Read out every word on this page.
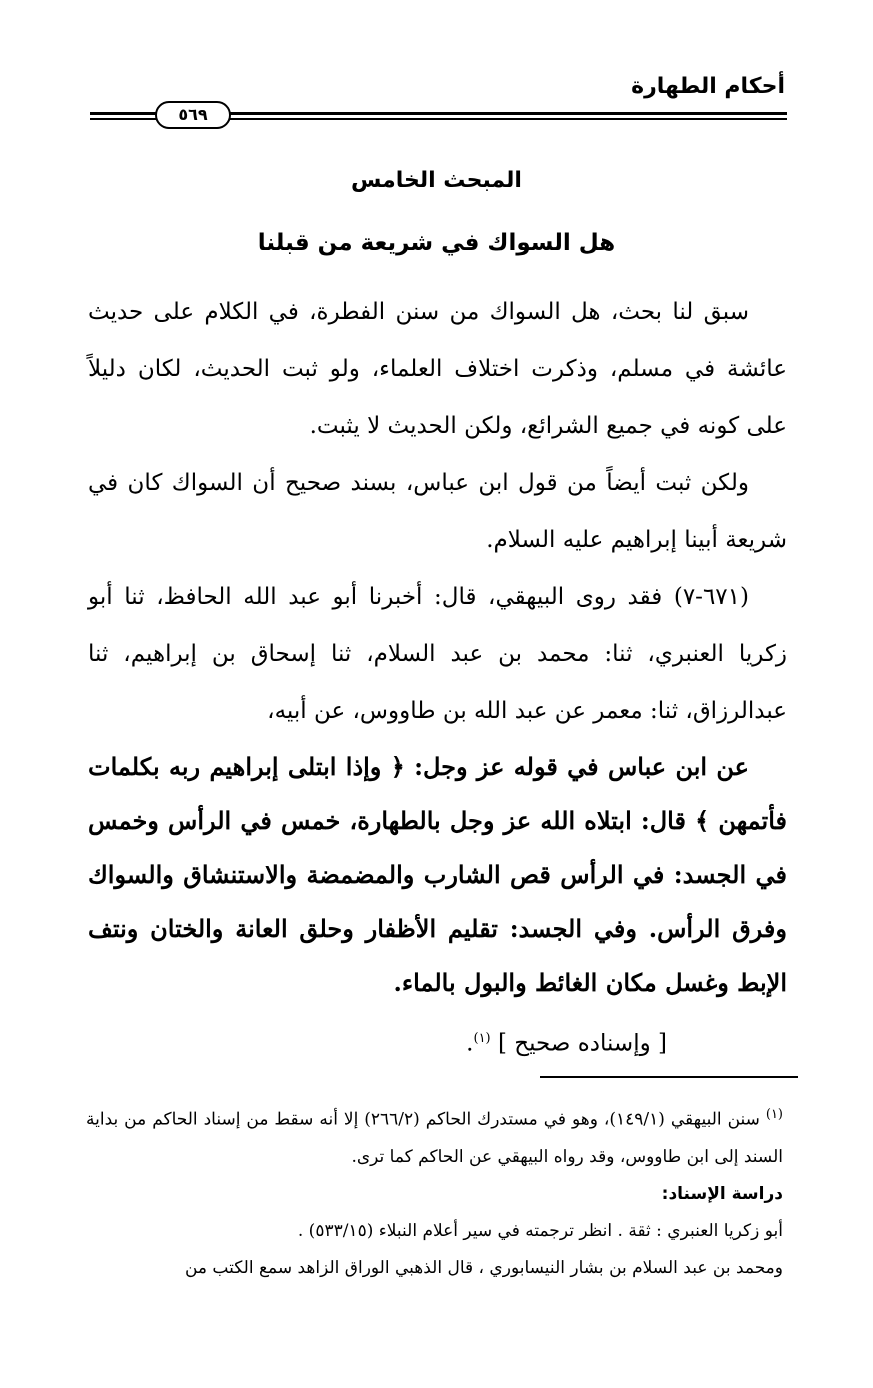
أحكام الطهارة
٥٦٩
المبحث الخامس
هل السواك في شريعة من قبلنا

سبق لنا بحث، هل السواك من سنن الفطرة، في الكلام على حديث عائشة في مسلم، وذكرت اختلاف العلماء، ولو ثبت الحديث، لكان دليلاً على كونه في جميع الشرائع، ولكن الحديث لا يثبت.

ولكن ثبت أيضاً من قول ابن عباس، بسند صحيح أن السواك كان في شريعة أبينا إبراهيم عليه السلام.

(٦٧١-٧) فقد روى البيهقي، قال: أخبرنا أبو عبد الله الحافظ، ثنا أبو زكريا العنبري، ثنا: محمد بن عبد السلام، ثنا إسحاق بن إبراهيم، ثنا عبدالرزاق، ثنا: معمر عن عبد الله بن طاووس، عن أبيه،

عن ابن عباس في قوله عز وجل: ﴿ وإذا ابتلى إبراهيم ربه بكلمات فأتمهن ﴾ قال: ابتلاه الله عز وجل بالطهارة، خمس في الرأس وخمس في الجسد: في الرأس قص الشارب والمضمضة والاستنشاق والسواك وفرق الرأس. وفي الجسد: تقليم الأظفار وحلق العانة والختان ونتف الإبط وغسل مكان الغائط والبول بالماء.

[ وإسناده صحيح ] $^{(١)}$.

$^{(١)}$ سنن البيهقي (١٤٩/١)، وهو في مستدرك الحاكم (٢٦٦/٢) إلا أنه سقط من إسناد الحاكم من بداية السند إلى ابن طاووس، وقد رواه البيهقي عن الحاكم كما ترى.

دراسة الإسناد:

أبو زكريا العنبري : ثقة . انظر ترجمته في سير أعلام النبلاء (٥٣٣/١٥) .

ومحمد بن عبد السلام بن بشار النيسابوري ، قال الذهبي الوراق الزاهد سمع الكتب من
